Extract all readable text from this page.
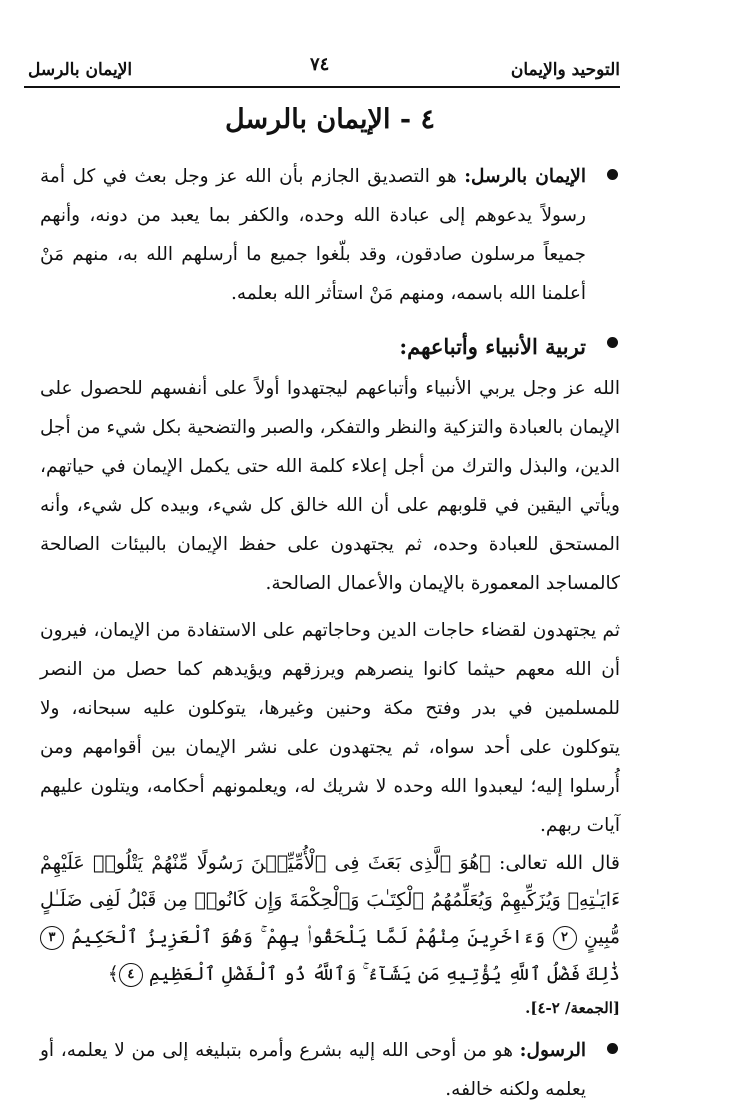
التوحيد والإيمان
٧٤
الإيمان بالرسل
٤ - الإيمان بالرسل

الإيمان بالرسل: هو التصديق الجازم بأن الله عز وجل بعث في كل أمة رسولاً يدعوهم إلى عبادة الله وحده، والكفر بما يعبد من دونه، وأنهم جميعاً مرسلون صادقون، وقد بلّغوا جميع ما أرسلهم الله به، منهم مَنْ أعلمنا الله باسمه، ومنهم مَنْ استأثر الله بعلمه.

تربية الأنبياء وأتباعهم:

الله عز وجل يربي الأنبياء وأتباعهم ليجتهدوا أولاً على أنفسهم للحصول على الإيمان بالعبادة والتزكية والنظر والتفكر، والصبر والتضحية بكل شيء من أجل الدين، والبذل والترك من أجل إعلاء كلمة الله حتى يكمل الإيمان في حياتهم، ويأتي اليقين في قلوبهم على أن الله خالق كل شيء، وبيده كل شيء، وأنه المستحق للعبادة وحده، ثم يجتهدون على حفظ الإيمان بالبيئات الصالحة كالمساجد المعمورة بالإيمان والأعمال الصالحة.

ثم يجتهدون لقضاء حاجات الدين وحاجاتهم على الاستفادة من الإيمان، فيرون أن الله معهم حيثما كانوا ينصرهم ويرزقهم ويؤيدهم كما حصل من النصر للمسلمين في بدر وفتح مكة وحنين وغيرها، يتوكلون عليه سبحانه، ولا يتوكلون على أحد سواه، ثم يجتهدون على نشر الإيمان بين أقوامهم ومن أُرسلوا إليه؛ ليعبدوا الله وحده لا شريك له، ويعلمونهم أحكامه، ويتلون عليهم آيات ربهم.

قال الله تعالى: ﴿هُوَ ٱلَّذِى بَعَثَ فِى ٱلْأُمِّيِّـۧنَ رَسُولًا مِّنْهُمْ يَتْلُوا۟ عَلَيْهِمْ ءَايَـٰتِهِۦ وَيُزَكِّيهِمْ وَيُعَلِّمُهُمُ ٱلْكِتَـٰبَ وَٱلْحِكْمَةَ وَإِن كَانُوا۟ مِن قَبْلُ لَفِى ضَلَـٰلٍ مُّبِينٍ ٢ وَءَاخَرِينَ مِنْهُمْ لَمَّا يَلْحَقُوا۟ بِهِمْ ۚ وَهُوَ ٱلْعَزِيزُ ٱلْحَكِيمُ ٣ ذَٰلِكَ فَضْلُ ٱللَّهِ يُؤْتِيهِ مَن يَشَآءُ ۚ وَٱللَّهُ ذُو ٱلْفَضْلِ ٱلْعَظِيمِ ٤﴾

[الجمعة/ ٢-٤].

الرسول: هو من أوحى الله إليه بشرع وأمره بتبليغه إلى من لا يعلمه، أو يعلمه ولكنه خالفه.
